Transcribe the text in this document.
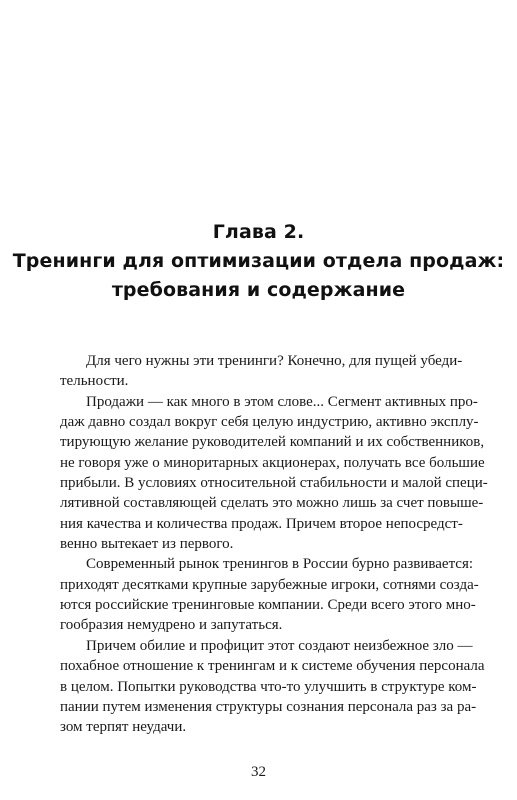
Глава 2.
Тренинги для оптимизации отдела продаж:
требования и содержание
Для чего нужны эти тренинги? Конечно, для пущей убеди-
тельности.
Продажи — как много в этом слове... Сегмент активных про-
даж давно создал вокруг себя целую индустрию, активно эксплу-
тирующую желание руководителей компаний и их собственников,
не говоря уже о миноритарных акционерах, получать все большие
прибыли. В условиях относительной стабильности и малой специ-
лятивной составляющей сделать это можно лишь за счет повыше-
ния качества и количества продаж. Причем второе непосредст-
венно вытекает из первого.
Современный рынок тренингов в России бурно развивается:
приходят десятками крупные зарубежные игроки, сотнями созда-
ются российские тренинговые компании. Среди всего этого мно-
гообразия немудрено и запутаться.
Причем обилие и профицит этот создают неизбежное зло —
похабное отношение к тренингам и к системе обучения персонала
в целом. Попытки руководства что-то улучшить в структуре ком-
пании путем изменения структуры сознания персонала раз за ра-
зом терпят неудачи.
32
